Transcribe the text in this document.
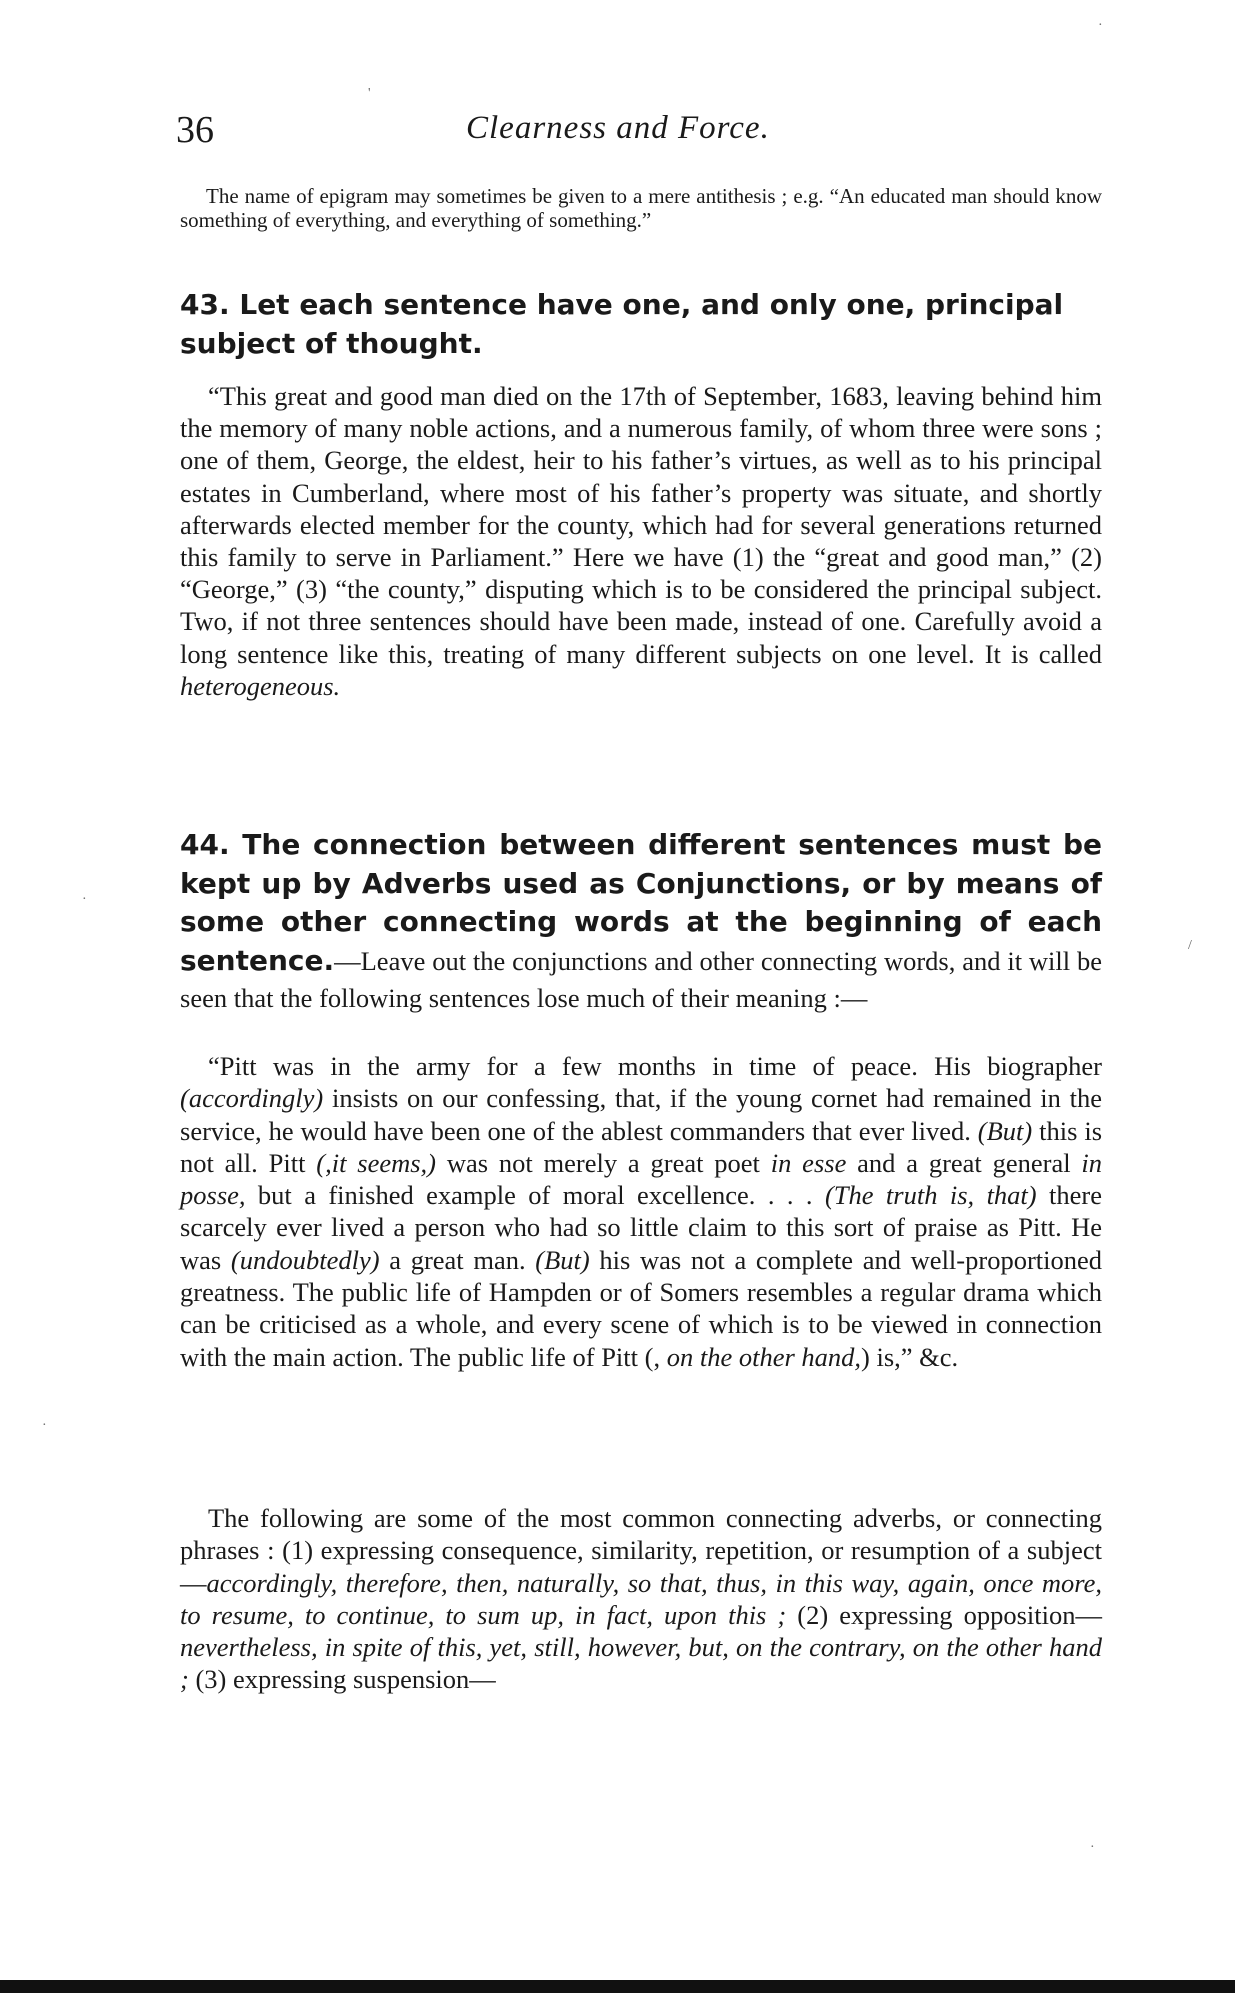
36	Clearness and Force.
The name of epigram may sometimes be given to a mere antithesis ; e.g. “An educated man should know something of everything, and everything of something.”
43. Let each sentence have one, and only one, principal subject of thought.
“This great and good man died on the 17th of September, 1683, leaving behind him the memory of many noble actions, and a numerous family, of whom three were sons ; one of them, George, the eldest, heir to his father’s virtues, as well as to his principal estates in Cumberland, where most of his father’s property was situate, and shortly afterwards elected member for the county, which had for several generations returned this family to serve in Parliament.” Here we have (1) the “great and good man,” (2) “George,” (3) “the county,” disputing which is to be considered the principal subject. Two, if not three sentences should have been made, instead of one. Carefully avoid a long sentence like this, treating of many different subjects on one level. It is called heterogeneous.
44. The connection between different sentences must be kept up by Adverbs used as Conjunctions, or by means of some other connecting words at the beginning of each sentence.—Leave out the conjunctions and other connecting words, and it will be seen that the following sentences lose much of their meaning :—
“Pitt was in the army for a few months in time of peace. His biographer (accordingly) insists on our confessing, that, if the young cornet had remained in the service, he would have been one of the ablest commanders that ever lived. (But) this is not all. Pitt (,it seems,) was not merely a great poet in esse and a great general in posse, but a finished example of moral excellence. . . . (The truth is, that) there scarcely ever lived a person who had so little claim to this sort of praise as Pitt. He was (undoubtedly) a great man. (But) his was not a complete and well-proportioned greatness. The public life of Hampden or of Somers resembles a regular drama which can be criticised as a whole, and every scene of which is to be viewed in connection with the main action. The public life of Pitt (, on the other hand,) is,” &c.
The following are some of the most common connecting adverbs, or connecting phrases : (1) expressing consequence, similarity, repetition, or resumption of a subject—accordingly, therefore, then, naturally, so that, thus, in this way, again, once more, to resume, to continue, to sum up, in fact, upon this ; (2) expressing opposition—nevertheless, in spite of this, yet, still, however, but, on the contrary, on the other hand ; (3) expressing suspension—
'
·
·
/
·
·
